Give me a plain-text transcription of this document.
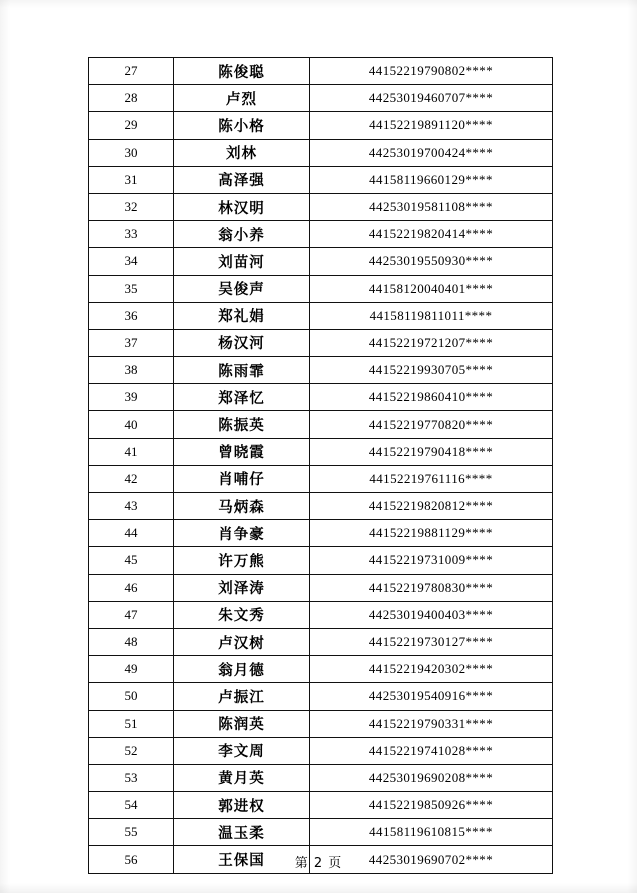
27	陈俊聪	44152219790802****
28	卢烈	44253019460707****
29	陈小格	44152219891120****
30	刘林	44253019700424****
31	高泽强	44158119660129****
32	林汉明	44253019581108****
33	翁小养	44152219820414****
34	刘苗河	44253019550930****
35	吴俊声	44158120040401****
36	郑礼娟	44158119811011****
37	杨汉河	44152219721207****
38	陈雨霏	44152219930705****
39	郑泽忆	44152219860410****
40	陈振英	44152219770820****
41	曾晓霞	44152219790418****
42	肖哺仔	44152219761116****
43	马炳森	44152219820812****
44	肖争豪	44152219881129****
45	许万熊	44152219731009****
46	刘泽涛	44152219780830****
47	朱文秀	44253019400403****
48	卢汉树	44152219730127****
49	翁月德	44152219420302****
50	卢振江	44253019540916****
51	陈润英	44152219790331****
52	李文周	44152219741028****
53	黄月英	44253019690208****
54	郭进权	44152219850926****
55	温玉柔	44158119610815****
56	王保国	44253019690702****
第 2 页
